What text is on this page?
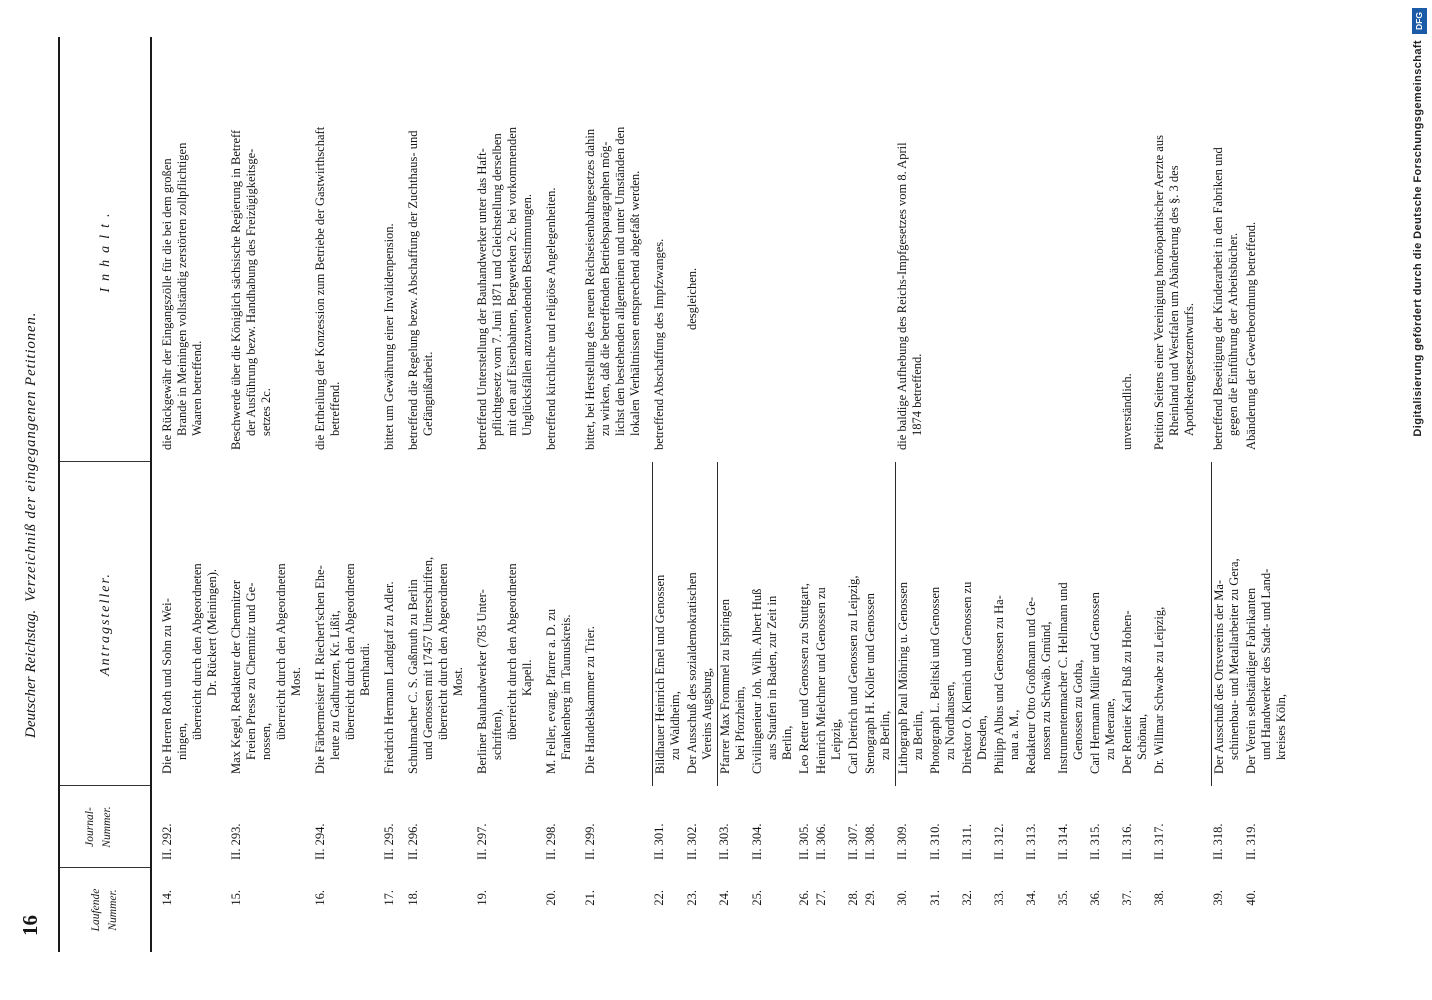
16
Deutscher Reichstag.
Verzeichniß der eingegangenen Petitionen.
Laufende Nummer.
Journal- Nummer.
Antragsteller.
Inhalt.
14.
II. 292.
Die Herren Roth und Sohn zu Wei- ningen,
überreicht durch den Abgeordneten Dr. Rückert (Meiningen).
die Rückgewähr der Eingangszölle für die bei dem großen Brande in Meiningen vollständig zerstörten zollpflichtigen Waaren betreffend.
15.
II. 293.
Max Kegel, Redakteur der Chemnitzer Freien Presse zu Chemnitz und Ge- nossen,
überreicht durch den Abgeordneten Most.
Beschwerde über die Königlich sächsische Regierung in Betreff der Ausführung bezw. Handhabung des Freizügigkeitsge- setzes 2c.
16.
II. 294.
Die Färbermeister H. Riechert'schen Ehe- leute zu Gadhurzen, Kr. Lißit, überreicht durch den Abgeordneten Bernhardi.
die Ertheilung der Konzession zum Betriebe der Gastwirthschaft betreffend.
17.
II. 295.
Friedrich Hermann Landgraf zu Adler.
bittet um Gewährung einer Invalidenpension.
18.
II. 296.
Schuhmacher C. S. Gaßmuth zu Berlin und Genossen mit 17457 Unterschriften, überreicht durch den Abgeordneten Most.
betreffend die Regelung bezw. Abschaffung der Zuchthaus- und Gefängnißarbeit.
19.
II. 297.
Berliner Bauhandwerker (785 Unter- schriften), überreicht durch den Abgeordneten Kapell.
betreffend Unterstellung der Bauhandwerker unter das Haft- pflichtgesetz vom 7. Juni 1871 und Gleichstellung derselben mit den auf Eisenbahnen, Bergwerken 2c. bei vorkommenden Unglücksfällen anzuwendenden Bestimmungen.
20.
II. 298.
M. Feller, evang. Pfarrer a. D. zu Frankenberg im Taunuskreis.
betreffend kirchliche und religiöse Angelegenheiten.
21.
II. 299.
Die Handelskammer zu Trier.
bittet, bei Herstellung des neuen Reichseisenbahngesetzes dahin zu wirken, daß die betreffenden Betriebsparagraphen mög- lichst den bestehenden allgemeinen und unter Umständen den lokalen Verhältnissen entsprechend abgefaßt werden.
22.
II. 301.
Bildhauer Heinrich Emel und Genossen zu Waldheim,
betreffend Abschaffung des Impfzwanges.
23.
II. 302.
Der Ausschuß des sozialdemokratischen Vereins Augsburg,
desgleichen.
24.
II. 303.
Pfarrer Max Frommel zu Ispringen bei Pforzheim,
25.
II. 304.
Civilingenieur Joh. Wilh. Albert Huß aus Staufen in Baden, zur Zeit in Berlin,
26.
II. 305.
Leo Retter und Genossen zu Stuttgart,
27.
II. 306.
Heinrich Mielchner und Genossen zu Leipzig,
28.
II. 307.
Carl Dietrich und Genossen zu Leipzig,
29.
II. 308.
Stenograph H. Koller und Genossen zu Berlin,
30.
II. 309.
Lithograph Paul Möhring u. Genossen zu Berlin,
die baldige Aufhebung des Reichs-Impfgesetzes vom 8. April 1874 betreffend.
31.
II. 310.
Photograph L. Belitski und Genossen zu Nordhausen,
32.
II. 311.
Direktor O. Klemich und Genossen zu Dresden,
33.
II. 312.
Philipp Albus und Genossen zu Ha- nau a. M.,
34.
II. 313.
Redakteur Otto Großmann und Ge- nossen zu Schwäb. Gmünd,
35.
II. 314.
Instrumentenmacher C. Hellmann und Genossen zu Gotha,
36.
II. 315.
Carl Hermann Müller und Genossen zu Meerane,
37.
II. 316.
Der Rentier Karl Buß zu Hohen- Schönau,
unverständlich.
38.
II. 317.
Dr. Willmar Schwabe zu Leipzig,
Petition Seitens einer Vereinigung homöopathischer Aerzte aus Rheinland und Westfalen um Abänderung des §. 3 des Apothekengesetzentwurfs.
39.
II. 318.
Der Ausschuß des Ortsvereins der Ma- schinenbau- und Metallarbeiter zu Gera,
betreffend Beseitigung der Kinderarbeit in den Fabriken und gegen die Einführung der Arbeitsbücher.
40.
II. 319.
Der Verein selbständiger Fabrikanten und Handwerker des Stadt- und Land- kreises Köln,
Abänderung der Gewerbeordnung betreffend.	Digitalisierung gefördert durch die Deutsche Forschungsgemeinschaft
DFG
